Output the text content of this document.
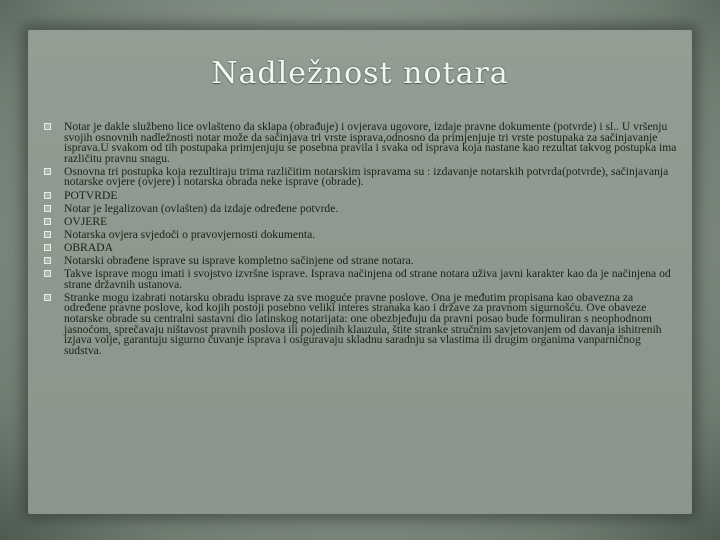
Nadležnost notara
Notar je dakle službeno lice ovlašteno da sklapa (obrađuje) i ovjerava ugovore, izdaje pravne dokumente (potvrde) i sl.. U vršenju svojih osnovnih nadležnosti notar može da sačinjava tri vrste isprava,odnosno da primjenjuje tri vrste postupaka za sačinjavanje isprava.U svakom od tih postupaka primjenjuju se posebna pravila i svaka od isprava koja nastane kao rezultat takvog postupka ima različitu pravnu snagu.
Osnovna tri postupka koja rezultiraju trima različitim notarskim ispravama su : izdavanje notarskih potvrda(potvrde), sačinjavanja notarske ovjere (ovjere) i notarska obrada neke isprave (obrade).
POTVRDE
Notar je legalizovan (ovlašten) da izdaje određene potvrde.
OVJERE
Notarska ovjera svjedoči o pravovjernosti dokumenta.
OBRADA
Notarski obrađene isprave su isprave kompletno sačinjene od strane notara.
Takve isprave mogu imati i svojstvo izvršne isprave. Isprava načinjena od strane notara uživa javni karakter kao da je načinjena od strane državnih ustanova.
Stranke mogu izabrati notarsku obradu isprave za sve moguće pravne poslove. Ona je međutim propisana kao obavezna za određene pravne poslove, kod kojih postoji posebno veliki interes stranaka kao i države za pravnom sigurnošću. Ove obaveze notarske obrade su centralni sastavni dio latinskog notarijata: one obezbjeđuju da pravni posao bude formuliran s neophodnom jasnoćom, sprečavaju ništavost pravnih poslova ili pojedinih klauzula, štite stranke stručnim savjetovanjem od davanja ishitrenih izjava volje, garantuju sigurno čuvanje isprava i osiguravaju skladnu saradnju sa vlastima ili drugim organima vanparničnog sudstva.
